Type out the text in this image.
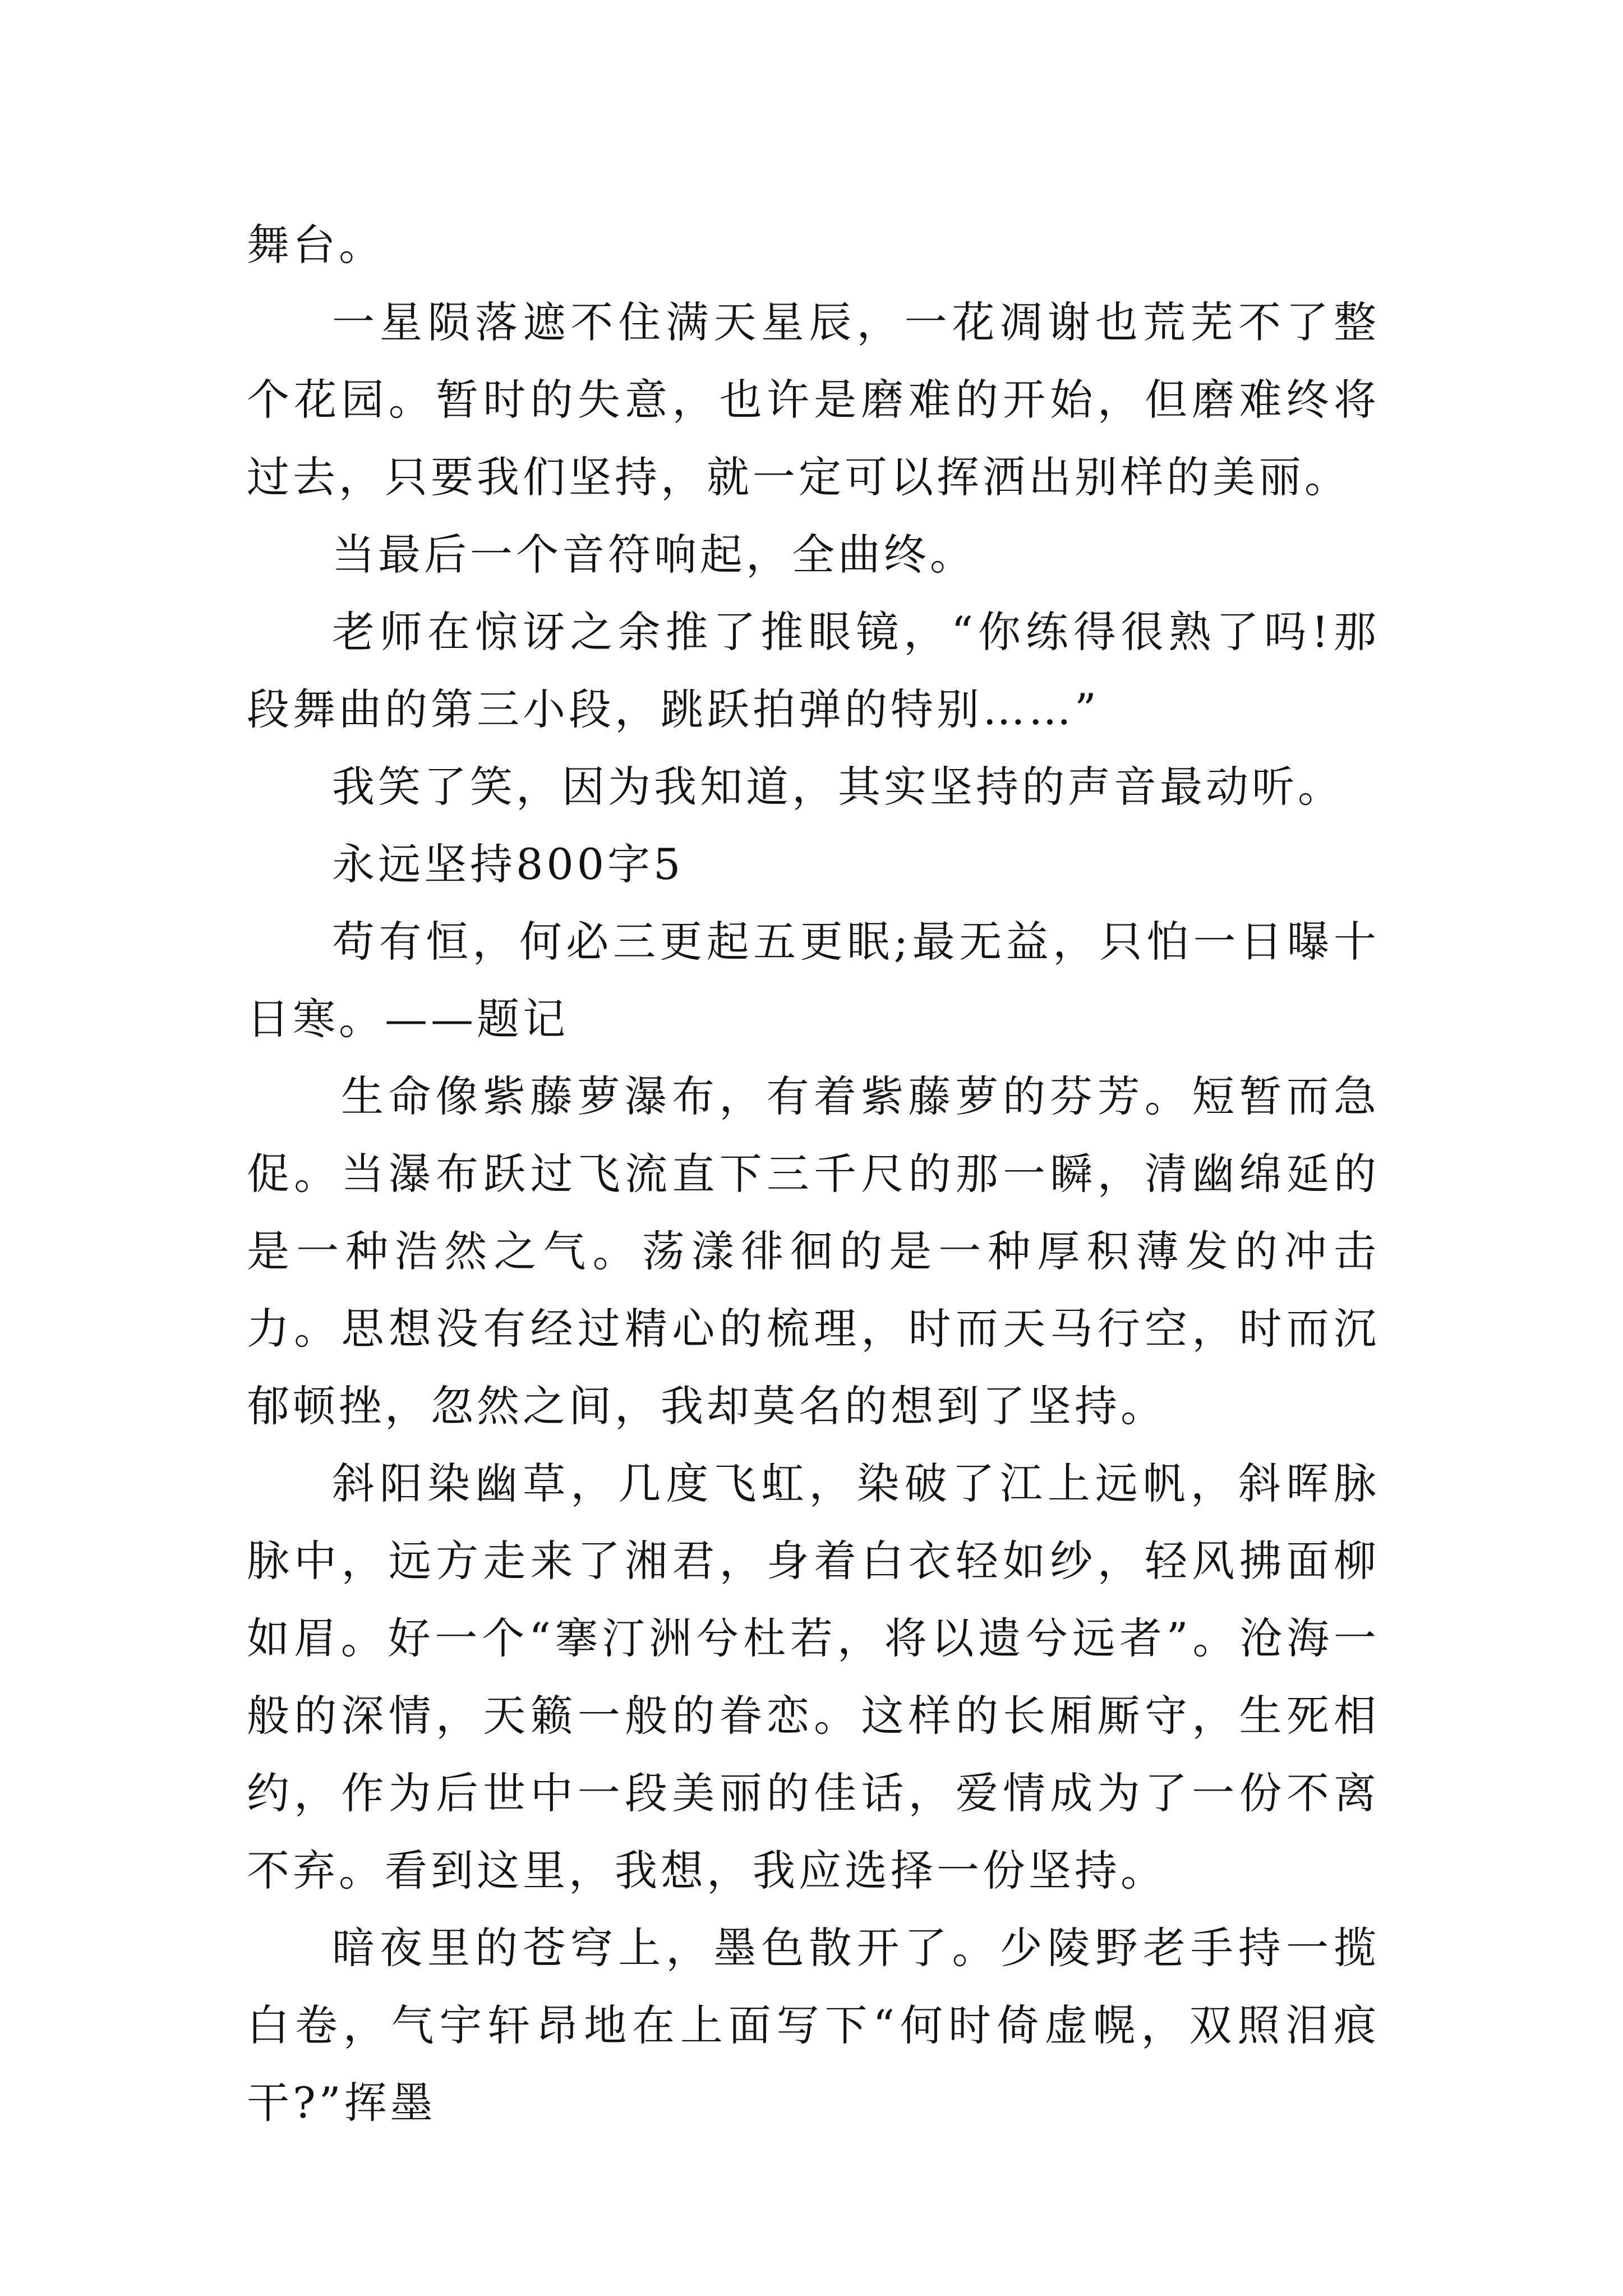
舞台。

一星陨落遮不住满天星辰，一花凋谢也荒芜不了整个花园。暂时的失意，也许是磨难的开始，但磨难终将过去，只要我们坚持，就一定可以挥洒出别样的美丽。

当最后一个音符响起，全曲终。

老师在惊讶之余推了推眼镜，“你练得很熟了吗!那段舞曲的第三小段，跳跃拍弹的特别……”

我笑了笑，因为我知道，其实坚持的声音最动听。

永远坚持800字5

苟有恒，何必三更起五更眠;最无益，只怕一日曝十日寒。——题记

生命像紫藤萝瀑布，有着紫藤萝的芬芳。短暂而急促。当瀑布跃过飞流直下三千尺的那一瞬，清幽绵延的是一种浩然之气。荡漾徘徊的是一种厚积薄发的冲击力。思想没有经过精心的梳理，时而天马行空，时而沉郁顿挫，忽然之间，我却莫名的想到了坚持。

斜阳染幽草，几度飞虹，染破了江上远帆，斜晖脉脉中，远方走来了湘君，身着白衣轻如纱，轻风拂面柳如眉。好一个“搴汀洲兮杜若，将以遗兮远者”。沧海一般的深情，天籁一般的眷恋。这样的长厢厮守，生死相约，作为后世中一段美丽的佳话，爱情成为了一份不离不弃。看到这里，我想，我应选择一份坚持。

暗夜里的苍穹上，墨色散开了。少陵野老手持一揽白卷，气宇轩昂地在上面写下“何时倚虚幌，双照泪痕干?”挥墨
